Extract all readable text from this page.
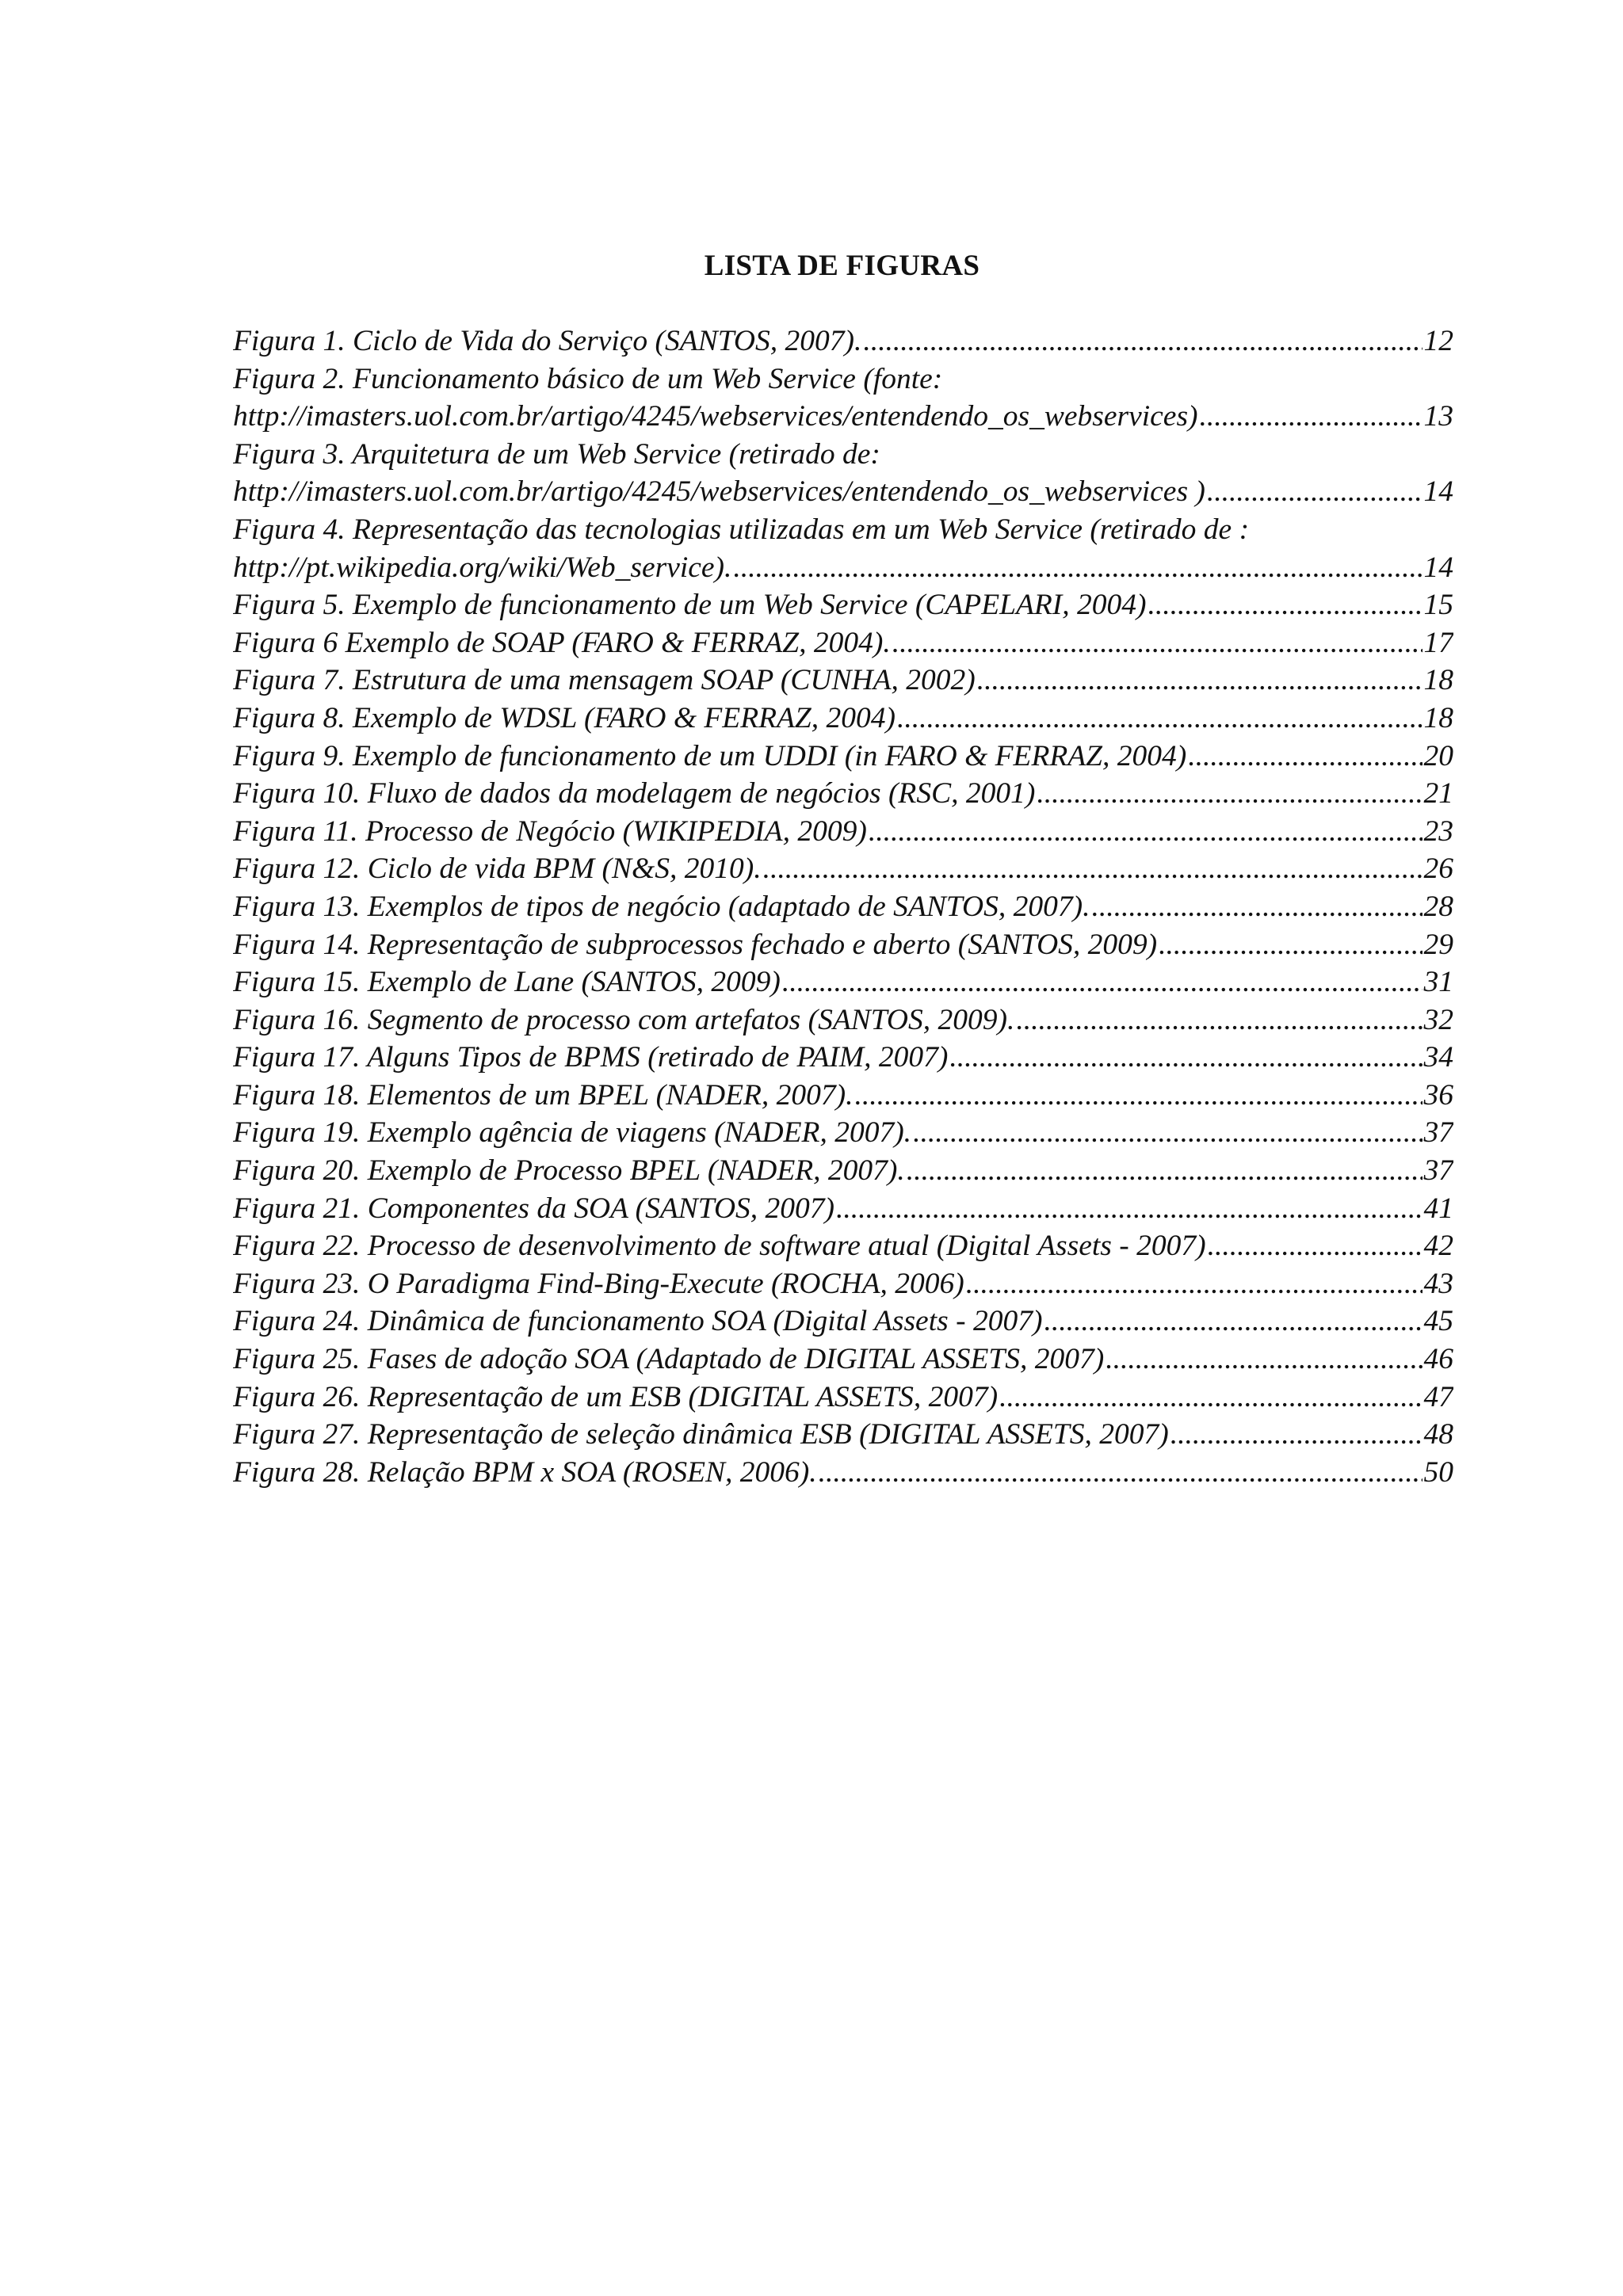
LISTA DE FIGURAS
Figura 1. Ciclo de Vida do Serviço (SANTOS, 2007). .....	12
Figura 2. Funcionamento básico de um Web Service (fonte:
http://imasters.uol.com.br/artigo/4245/webservices/entendendo_os_webservices) .....	13
Figura 3. Arquitetura de um Web Service (retirado de:
http://imasters.uol.com.br/artigo/4245/webservices/entendendo_os_webservices ) .....	14
Figura 4. Representação das tecnologias utilizadas em um Web Service (retirado de :
http://pt.wikipedia.org/wiki/Web_service). .....	14
Figura 5. Exemplo de funcionamento de um Web Service (CAPELARI, 2004) .....	15
Figura 6 Exemplo de SOAP (FARO & FERRAZ, 2004). .....	17
Figura 7. Estrutura de uma mensagem SOAP (CUNHA, 2002) .....	18
Figura 8. Exemplo de WDSL (FARO & FERRAZ, 2004) .....	18
Figura 9. Exemplo de funcionamento de um UDDI (in FARO & FERRAZ, 2004) .....	20
Figura 10. Fluxo de dados da modelagem de negócios (RSC, 2001) .....	21
Figura 11. Processo de Negócio (WIKIPEDIA, 2009) .....	23
Figura 12. Ciclo de vida BPM (N&S, 2010). .....	26
Figura 13. Exemplos de tipos de negócio (adaptado de SANTOS, 2007). .....	28
Figura 14. Representação de subprocessos fechado e aberto (SANTOS, 2009) .....	29
Figura 15. Exemplo de Lane (SANTOS, 2009) .....	31
Figura 16. Segmento de processo com artefatos (SANTOS, 2009). .....	32
Figura 17. Alguns Tipos de BPMS (retirado de PAIM, 2007) .....	34
Figura 18. Elementos de um BPEL (NADER, 2007). .....	36
Figura 19. Exemplo agência de viagens (NADER, 2007). .....	37
Figura 20. Exemplo de Processo BPEL (NADER, 2007). .....	37
Figura 21. Componentes da SOA (SANTOS, 2007) .....	41
Figura 22. Processo de desenvolvimento de software atual (Digital Assets - 2007) .....	42
Figura 23. O Paradigma Find-Bing-Execute (ROCHA, 2006) .....	43
Figura 24. Dinâmica de funcionamento SOA (Digital Assets - 2007) .....	45
Figura 25. Fases de adoção SOA (Adaptado de DIGITAL ASSETS, 2007) .....	46
Figura 26. Representação de um ESB (DIGITAL ASSETS, 2007) .....	47
Figura 27. Representação de seleção dinâmica ESB (DIGITAL ASSETS, 2007) .....	48
Figura 28. Relação BPM x SOA (ROSEN, 2006). .....	50
